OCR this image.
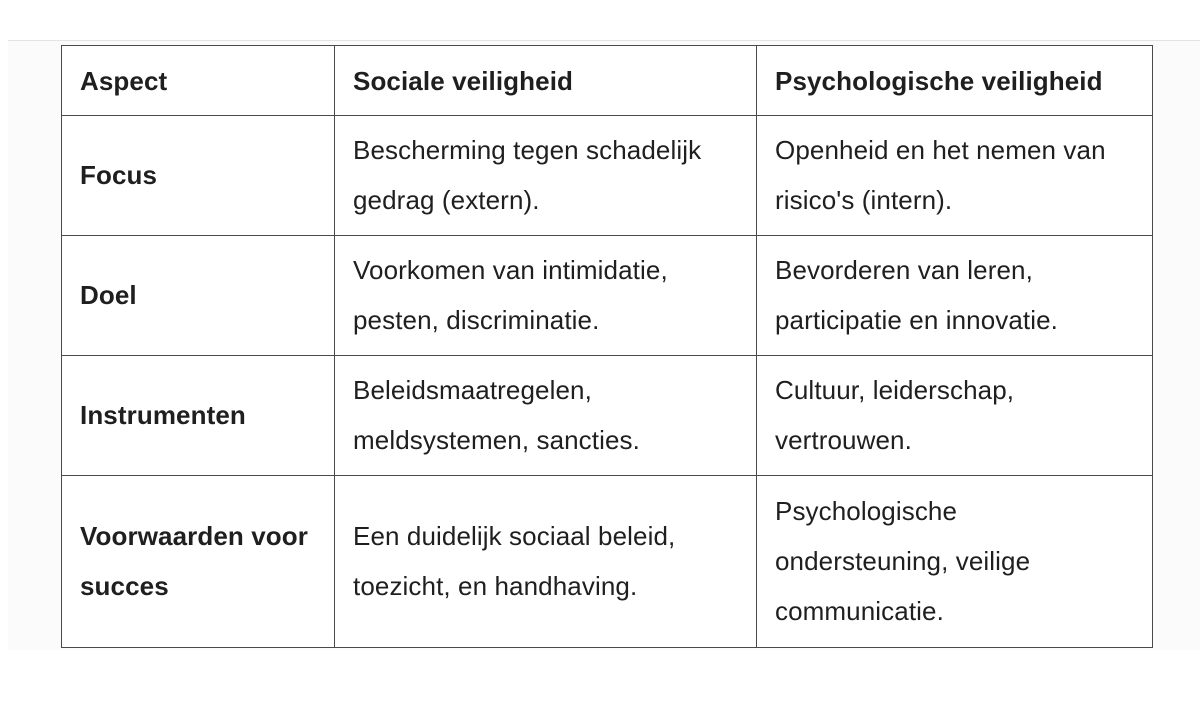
Aspect	Sociale veiligheid	Psychologische veiligheid
Focus	Bescherming tegen schadelijk gedrag (extern).	Openheid en het nemen van risico's (intern).
Doel	Voorkomen van intimidatie, pesten, discriminatie.	Bevorderen van leren, participatie en innovatie.
Instrumenten	Beleidsmaatregelen, meldsystemen, sancties.	Cultuur, leiderschap, vertrouwen.
Voorwaarden voor succes	Een duidelijk sociaal beleid, toezicht, en handhaving.	Psychologische ondersteuning, veilige communicatie.
